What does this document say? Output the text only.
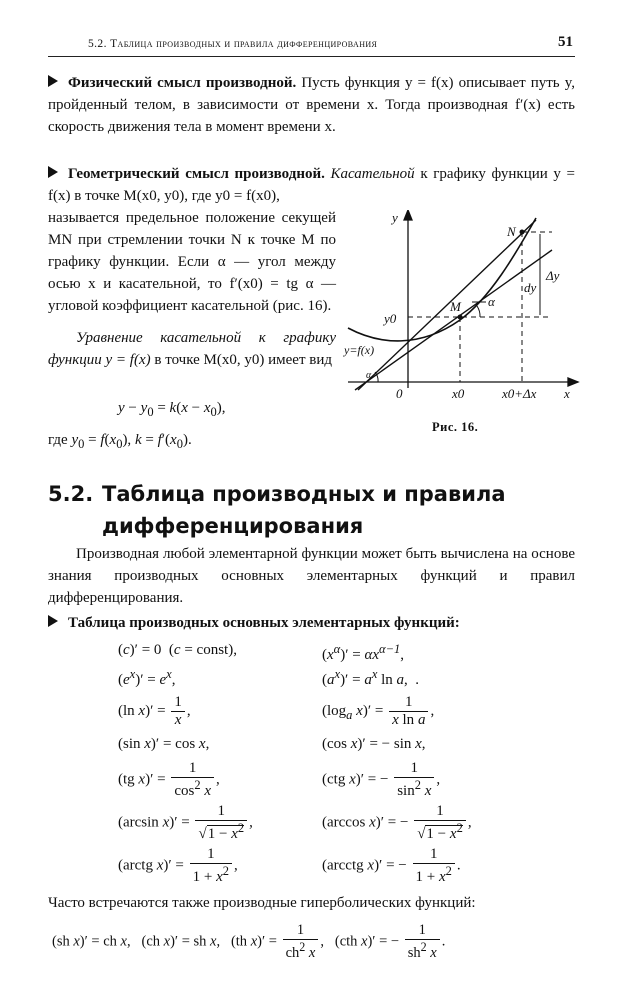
5.2. Таблица производных и правила дифференцирования	51
Физический смысл производной. Пусть функция y = f(x) описывает путь y, пройденный телом, в зависимости от времени x. Тогда производная f′(x) есть скорость движения тела в момент времени x.
Геометрический смысл производной. Касательной к графику функции y = f(x) в точке M(x0, y0), где y0 = f(x0),
называется предельное положение секущей MN при стремлении точки N к точке M по графику функции. Если α — угол между осью x и касательной, то f′(x0) = tg α — угловой коэффициент касательной (рис. 16).
Уравнение касательной к графику функции y = f(x) в точке M(x0, y0) имеет вид
$y - y_0 = k(x - x_0)$,
где $y_0 = f(x_0)$, $k = f'(x_0)$.
y
x
0
y0
x0	x0+Δx
M
N
α
α
dy
Δy
y=f(x)
Рис. 16.
5.2. Таблица производных и правила
дифференцирования
Производная любой элементарной функции может быть вычислена на основе знания производных основных элементарных функций и правил дифференцирования.
Таблица производных основных элементарных функций:
(c)′ = 0  (c = const),
$(e^x)' = e^x$,
(ln $x)' = \frac{1}{x}$ ,
(sin x)′ = cos x,
(tg $x)' = \frac{1}{\cos^2 x}$ ,
(arcsin $x)' = \frac{1}{√1 - x^2}$ ,
(arctg $x)' = \frac{1}{1 + x^2}$ ,
$(x^\alpha)' = \alpha x^{\alpha-1}$,
$(a^x)' = a^x$ ln a,  .
($\log_a$ $x)' = \frac{1}{\text{x ln a}}$ ,
(cos x)′ = − sin x,
(ctg x)′ = − $\frac{1}{\sin^2 x}$ ,
(arccos x)′ = − $\frac{1}{√1 - x^2}$ ,
(arcctg x)′ = − $\frac{1}{1 + x^2}$ .
Часто встречаются также производные гиперболических функций:
(sh x)′ = ch x,   (ch x)′ = sh x,   (th $x)' = \frac{1}{ch^2 x}$ ,   (cth x)′ = − $\frac{1}{sh^2 x}$ .
